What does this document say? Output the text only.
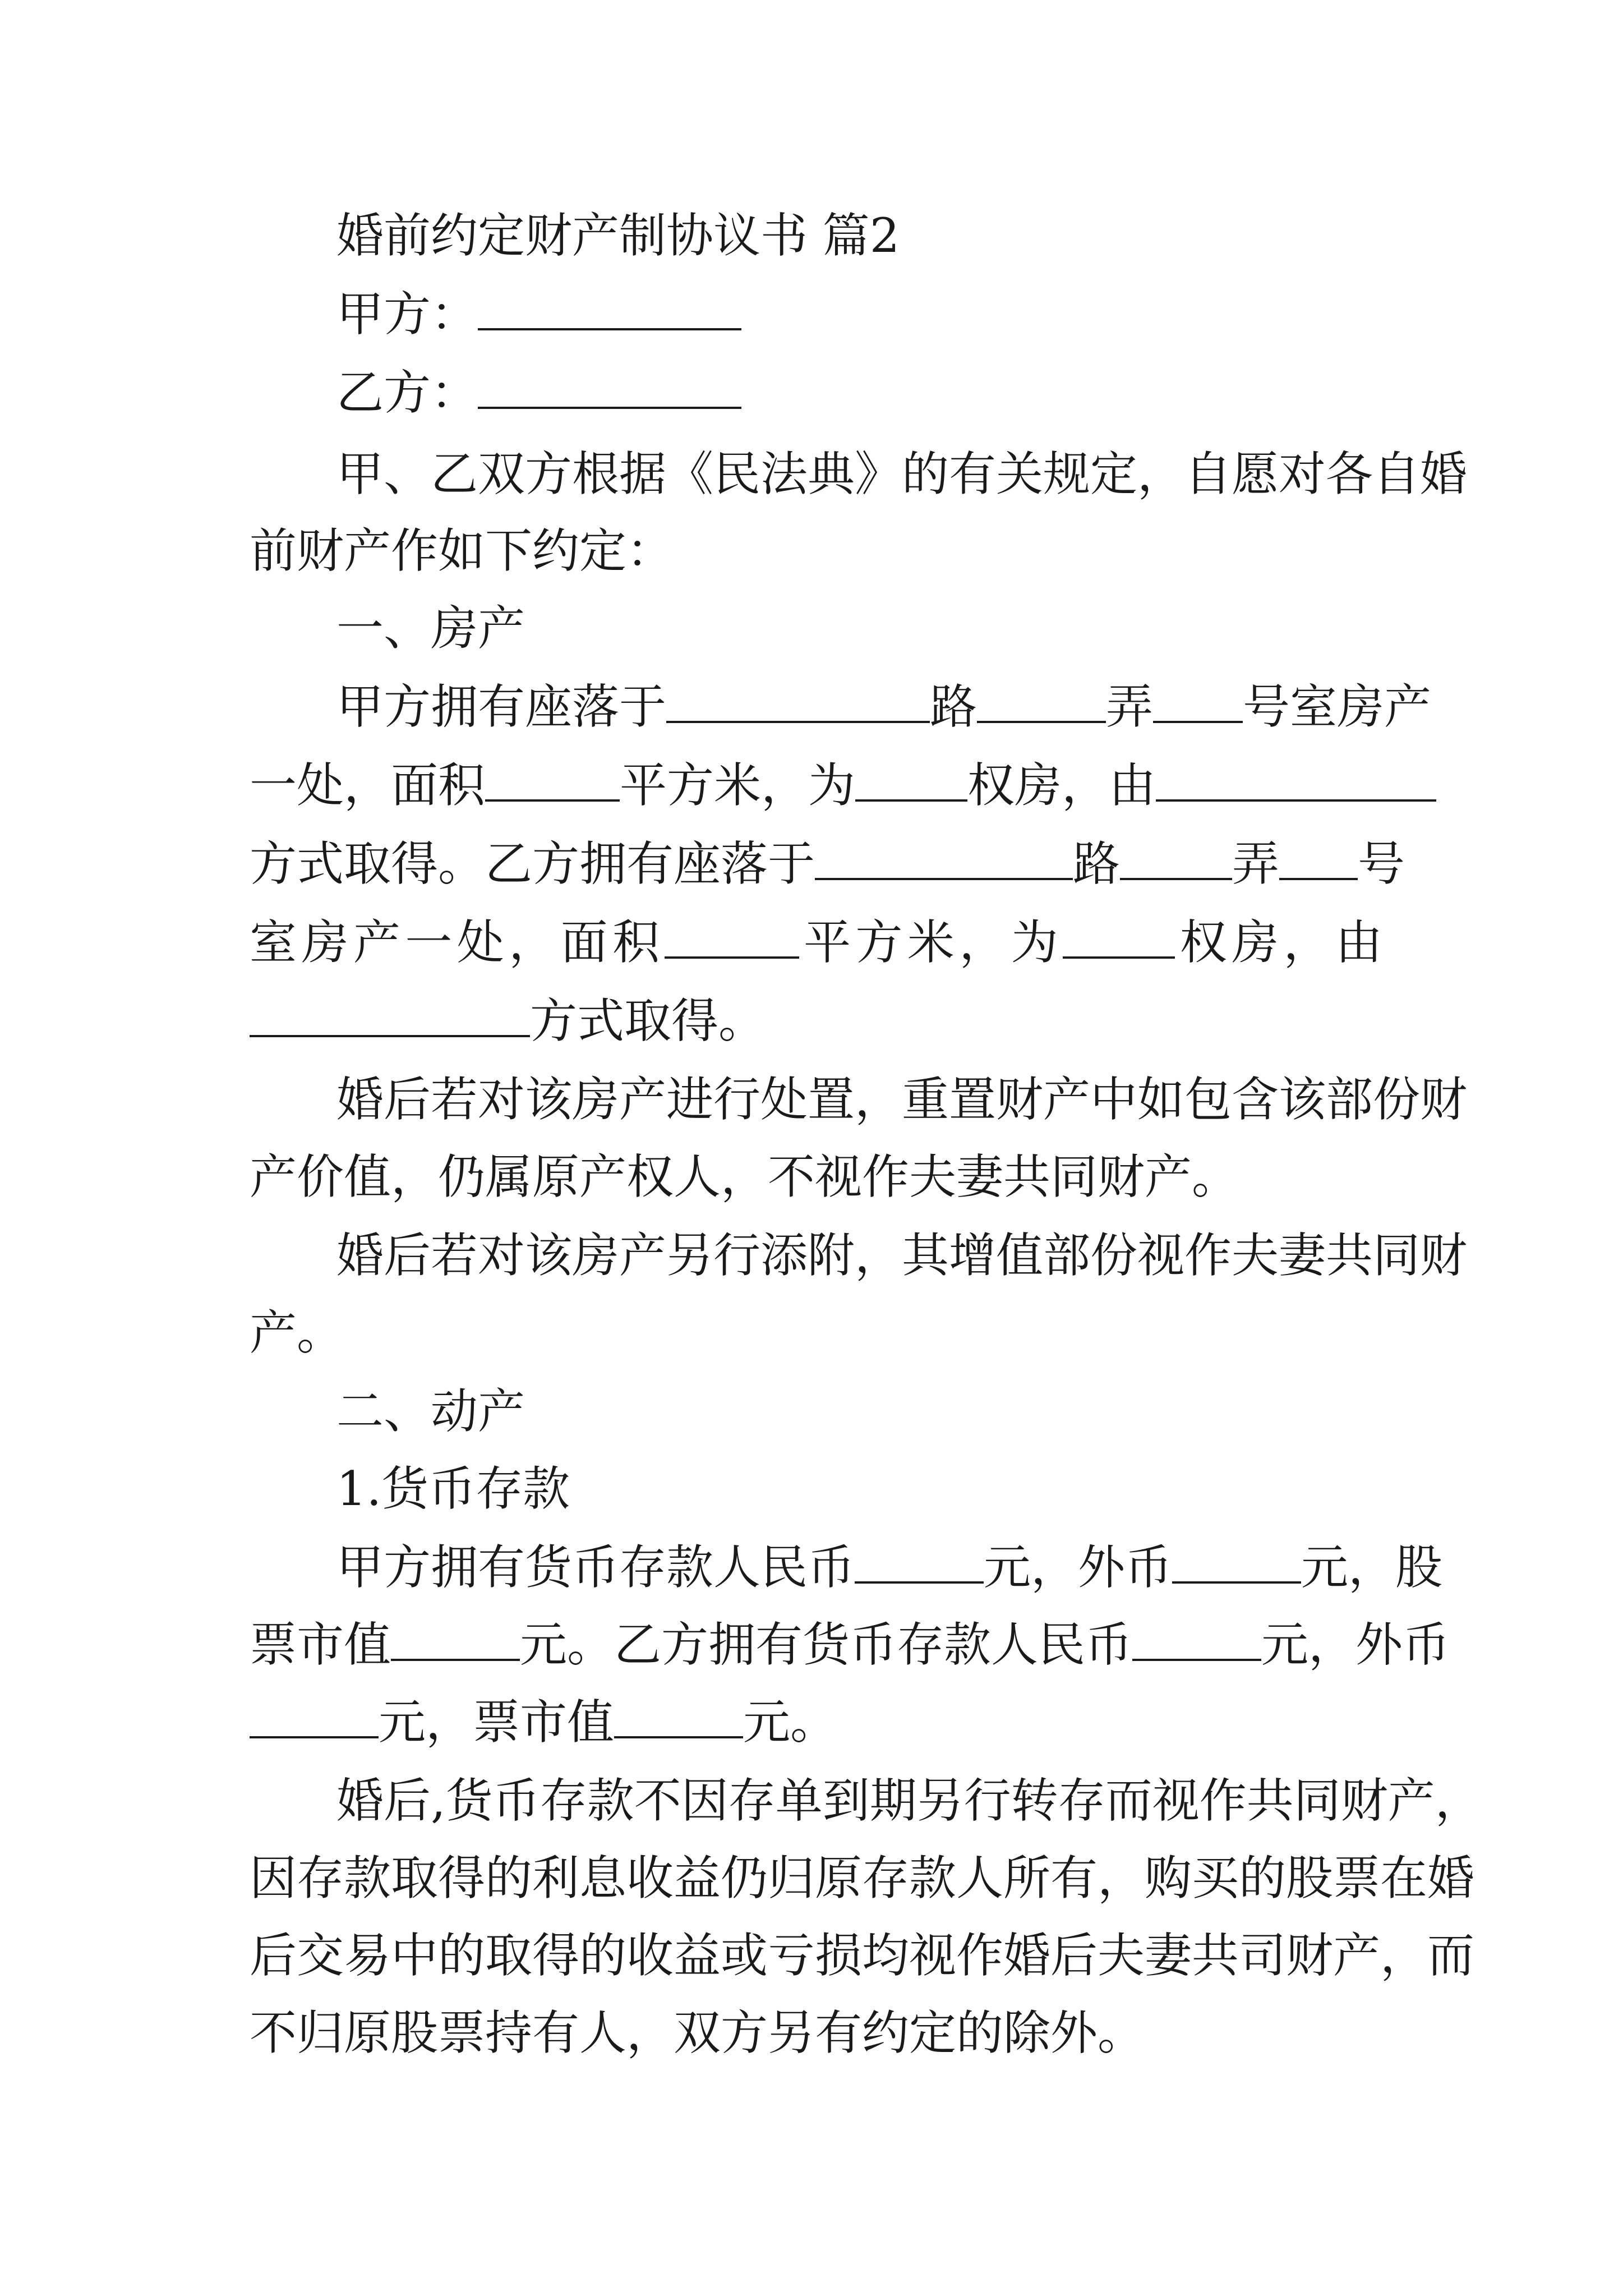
婚前约定财产制协议书 篇2
甲方：
乙方：
甲、乙双方根据《民法典》的有关规定，自愿对各自婚
前财产作如下约定：
一、房产
甲方拥有座落于	路	弄 号室房产
一处，面积	平方米，为 权房，由
方式取得。乙方拥有座落于	路 弄 号
室房产一处，面积	平方米，为 权房，由
方式取得。
婚后若对该房产进行处置，重置财产中如包含该部份财
产价值，仍属原产权人，不视作夫妻共同财产。
婚后若对该房产另行添附，其增值部份视作夫妻共同财
产。
二、动产
1.货币存款
甲方拥有货币存款人民币	元，外币	元，股
票市值	元。乙方拥有货币存款人民币	元，外币
元，票市值	元。
婚后,货币存款不因存单到期另行转存而视作共同财产，
因存款取得的利息收益仍归原存款人所有，购买的股票在婚
后交易中的取得的收益或亏损均视作婚后夫妻共司财产，而
不归原股票持有人，双方另有约定的除外。
